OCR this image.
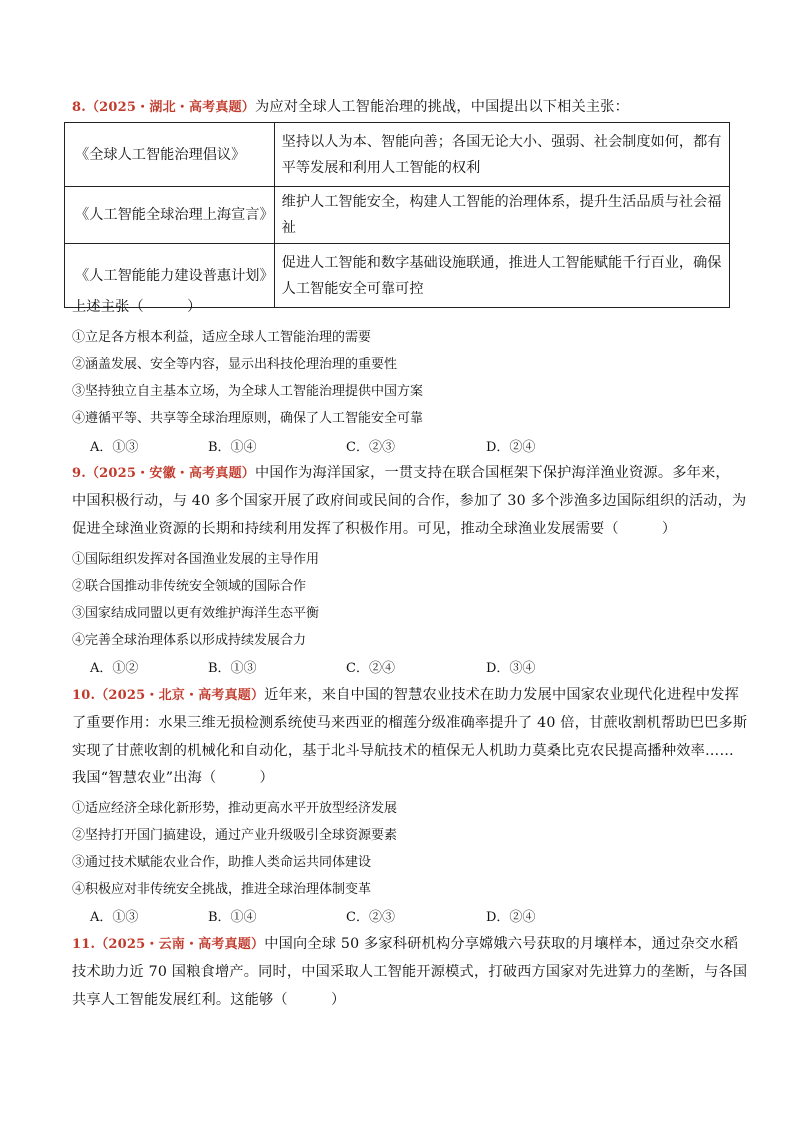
8.（2025・湖北・高考真题）为应对全球人工智能治理的挑战，中国提出以下相关主张：
《全球人工智能治理倡议》	坚持以人为本、智能向善；各国无论大小、强弱、社会制度如何，都有平等发展和利用人工智能的权利
《人工智能全球治理上海宣言》	维护人工智能安全，构建人工智能的治理体系，提升生活品质与社会福祉
《人工智能能力建设普惠计划》	促进人工智能和数字基础设施联通，推进人工智能赋能千行百业，确保人工智能安全可靠可控
上述主张（　　　）
①立足各方根本利益，适应全球人工智能治理的需要
②涵盖发展、安全等内容，显示出科技伦理治理的重要性
③坚持独立自主基本立场，为全球人工智能治理提供中国方案
④遵循平等、共享等全球治理原则，确保了人工智能安全可靠
A．①③	B．①④	C．②③	D．②④
9.（2025・安徽・高考真题）中国作为海洋国家，一贯支持在联合国框架下保护海洋渔业资源。多年来，
中国积极行动，与 40 多个国家开展了政府间或民间的合作，参加了 30 多个涉渔多边国际组织的活动，为
促进全球渔业资源的长期和持续利用发挥了积极作用。可见，推动全球渔业发展需要（　　　）
①国际组织发挥对各国渔业发展的主导作用
②联合国推动非传统安全领域的国际合作
③国家结成同盟以更有效维护海洋生态平衡
④完善全球治理体系以形成持续发展合力
A．①②	B．①③	C．②④	D．③④
10.（2025・北京・高考真题）近年来，来自中国的智慧农业技术在助力发展中国家农业现代化进程中发挥
了重要作用：水果三维无损检测系统使马来西亚的榴莲分级准确率提升了 40 倍，甘蔗收割机帮助巴巴多斯
实现了甘蔗收割的机械化和自动化，基于北斗导航技术的植保无人机助力莫桑比克农民提高播种效率……
我国“智慧农业”出海（　　　）
①适应经济全球化新形势，推动更高水平开放型经济发展
②坚持打开国门搞建设，通过产业升级吸引全球资源要素
③通过技术赋能农业合作，助推人类命运共同体建设
④积极应对非传统安全挑战，推进全球治理体制变革
A．①③	B．①④	C．②③	D．②④
11.（2025・云南・高考真题）中国向全球 50 多家科研机构分享嫦娥六号获取的月壤样本，通过杂交水稻
技术助力近 70 国粮食增产。同时，中国采取人工智能开源模式，打破西方国家对先进算力的垄断，与各国
共享人工智能发展红利。这能够（　　　）
